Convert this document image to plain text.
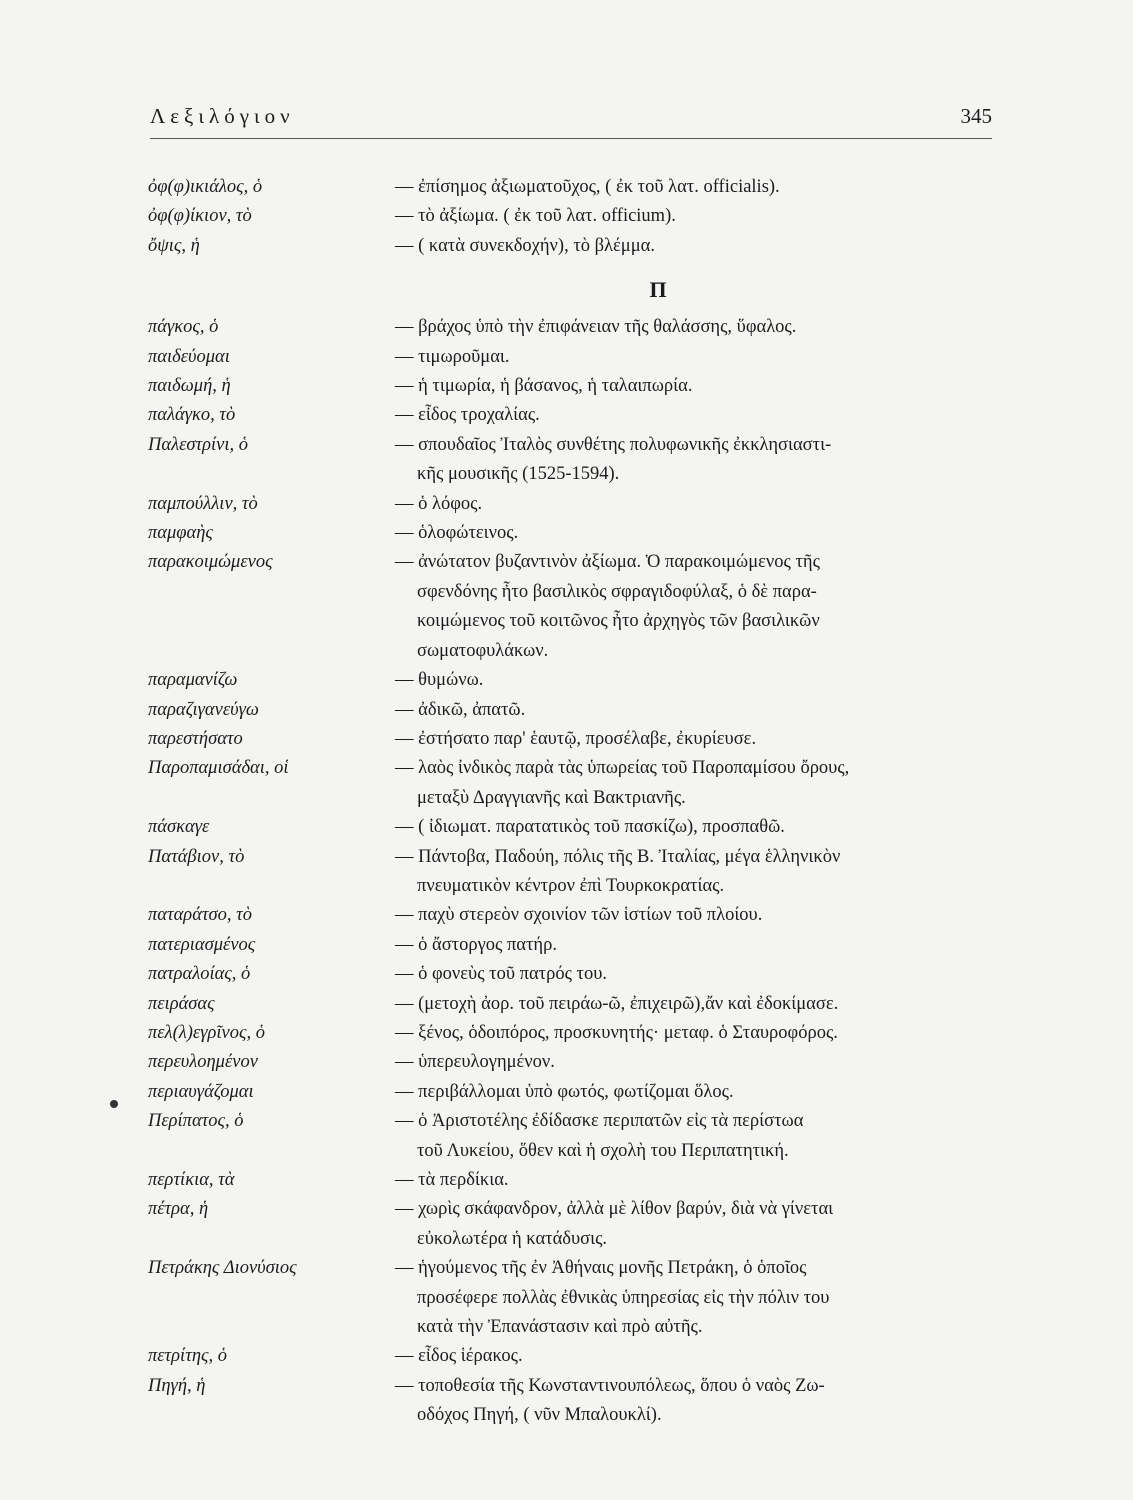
Λεξιλόγιον	345
ὀφ(φ)ικιάλος, ὁ	— ἐπίσημος ἀξιωματοῦχος, ( ἐκ τοῦ λατ. officialis).
ὀφ(φ)ίκιον, τὸ	— τὸ ἀξίωμα. ( ἐκ τοῦ λατ. officium).
ὄψις, ἡ	— ( κατὰ συνεκδοχήν), τὸ βλέμμα.
Π
πάγκος, ὁ	— βράχος ὑπὸ τὴν ἐπιφάνειαν τῆς θαλάσσης, ὕφαλος.
παιδεύομαι	— τιμωροῦμαι.
παιδωμή, ἡ	— ἡ τιμωρία, ἡ βάσανος, ἡ ταλαιπωρία.
παλάγκο, τὸ	— εἶδος τροχαλίας.
Παλεστρίνι, ὁ	— σπουδαῖος Ἰταλὸς συνθέτης πολυφωνικῆς ἐκκλησιαστι-
κῆς μουσικῆς (1525-1594).
παμπούλλιν, τὸ	— ὁ λόφος.
παμφαὴς	— ὁλοφώτεινος.
παρακοιμώμενος	— ἀνώτατον βυζαντινὸν ἀξίωμα. Ὁ παρακοιμώμενος τῆς
σφενδόνης ἦτο βασιλικὸς σφραγιδοφύλαξ, ὁ δὲ παρα-
κοιμώμενος τοῦ κοιτῶνος ἦτο ἀρχηγὸς τῶν βασιλικῶν
σωματοφυλάκων.
παραμανίζω	— θυμώνω.
παραζιγανεύγω	— ἀδικῶ, ἀπατῶ.
παρεστήσατο	— ἐστήσατο παρ' ἑαυτῷ, προσέλαβε, ἐκυρίευσε.
Παροπαμισάδαι, οἱ	— λαὸς ἰνδικὸς παρὰ τὰς ὑπωρείας τοῦ Παροπαμίσου ὄρους,
μεταξὺ Δραγγιανῆς καὶ Βακτριανῆς.
πάσκαγε	— ( ἰδιωματ. παρατατικὸς τοῦ πασκίζω), προσπαθῶ.
Πατάβιον, τὸ	— Πάντοβα, Παδούη, πόλις τῆς Β. Ἰταλίας, μέγα ἑλληνικὸν
πνευματικὸν κέντρον ἐπὶ Τουρκοκρατίας.
παταράτσο, τὸ	— παχὺ στερεὸν σχοινίον τῶν ἱστίων τοῦ πλοίου.
πατεριασμένος	— ὁ ἄστοργος πατήρ.
πατραλοίας, ὁ	— ὁ φονεὺς τοῦ πατρός του.
πειράσας	— (μετοχὴ ἀορ. τοῦ πειράω-ῶ, ἐπιχειρῶ),ἄν καὶ ἐδοκίμασε.
πελ(λ)εγρῖνος, ὁ	— ξένος, ὁδοιπόρος, προσκυνητής· μεταφ. ὁ Σταυροφόρος.
περευλοημένον	— ὑπερευλογημένον.
περιαυγάζομαι	— περιβάλλομαι ὑπὸ φωτός, φωτίζομαι ὅλος.
Περίπατος, ὁ	— ὁ Ἀριστοτέλης ἐδίδασκε περιπατῶν εἰς τὰ περίστωα
τοῦ Λυκείου, ὅθεν καὶ ἡ σχολὴ του Περιπατητική.
περτίκια, τὰ	— τὰ περδίκια.
πέτρα, ἡ	— χωρὶς σκάφανδρον, ἀλλὰ μὲ λίθον βαρύν, διὰ νὰ γίνεται
εὐκολωτέρα ἡ κατάδυσις.
Πετράκης Διονύσιος	— ἡγούμενος τῆς ἐν Ἀθήναις μονῆς Πετράκη, ὁ ὁποῖος
προσέφερε πολλὰς ἐθνικὰς ὑπηρεσίας εἰς τὴν πόλιν του
κατὰ τὴν Ἐπανάστασιν καὶ πρὸ αὐτῆς.
πετρίτης, ὁ	— εἶδος ἱέρακος.
Πηγή, ἡ	— τοποθεσία τῆς Κωνσταντινουπόλεως, ὅπου ὁ ναὸς Ζω-
οδόχος Πηγή, ( νῦν Μπαλουκλί).
